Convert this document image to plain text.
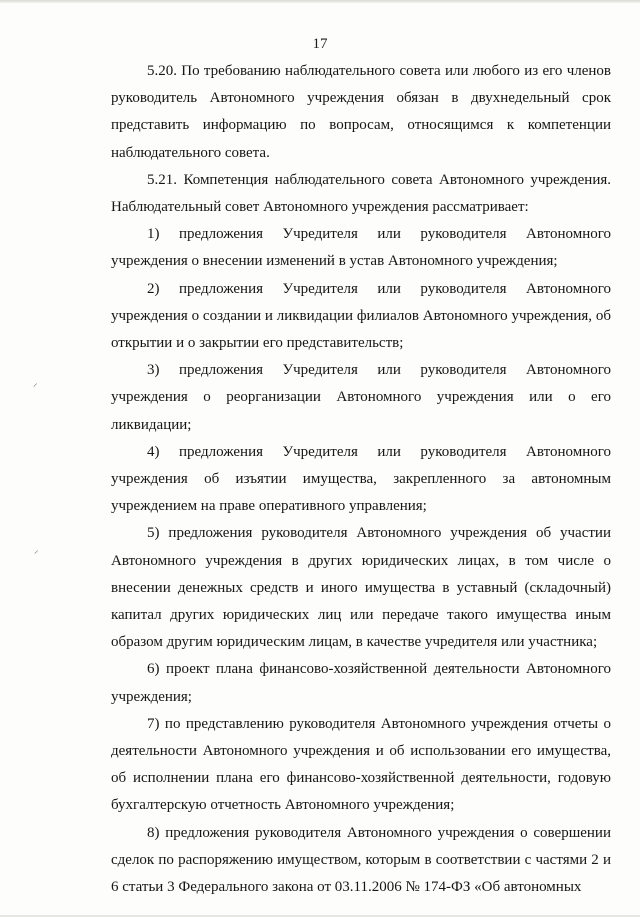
17
5.20. По требованию наблюдательного совета или любого из его членов
руководитель Автономного учреждения обязан в двухнедельный срок
представить информацию по вопросам, относящимся к компетенции
наблюдательного совета.
5.21. Компетенция наблюдательного совета Автономного учреждения.
Наблюдательный совет Автономного учреждения рассматривает:
1) предложения Учредителя или руководителя Автономного
учреждения о внесении изменений в устав Автономного учреждения;
2) предложения Учредителя или руководителя Автономного
учреждения о создании и ликвидации филиалов Автономного учреждения, об
открытии и о закрытии его представительств;
3) предложения Учредителя или руководителя Автономного
учреждения о реорганизации Автономного учреждения или о его
ликвидации;
4) предложения Учредителя или руководителя Автономного
учреждения об изъятии имущества, закрепленного за автономным
учреждением на праве оперативного управления;
5) предложения руководителя Автономного учреждения об участии
Автономного учреждения в других юридических лицах, в том числе о
внесении денежных средств и иного имущества в уставный (складочный)
капитал других юридических лиц или передаче такого имущества иным
образом другим юридическим лицам, в качестве учредителя или участника;
6) проект плана финансово-хозяйственной деятельности Автономного
учреждения;
7) по представлению руководителя Автономного учреждения отчеты о
деятельности Автономного учреждения и об использовании его имущества,
об исполнении плана его финансово-хозяйственной деятельности, годовую
бухгалтерскую отчетность Автономного учреждения;
8) предложения руководителя Автономного учреждения о совершении
сделок по распоряжению имуществом, которым в соответствии с частями 2 и
6 статьи 3 Федерального закона от 03.11.2006 № 174-ФЗ «Об автономных
⸝
⸝
